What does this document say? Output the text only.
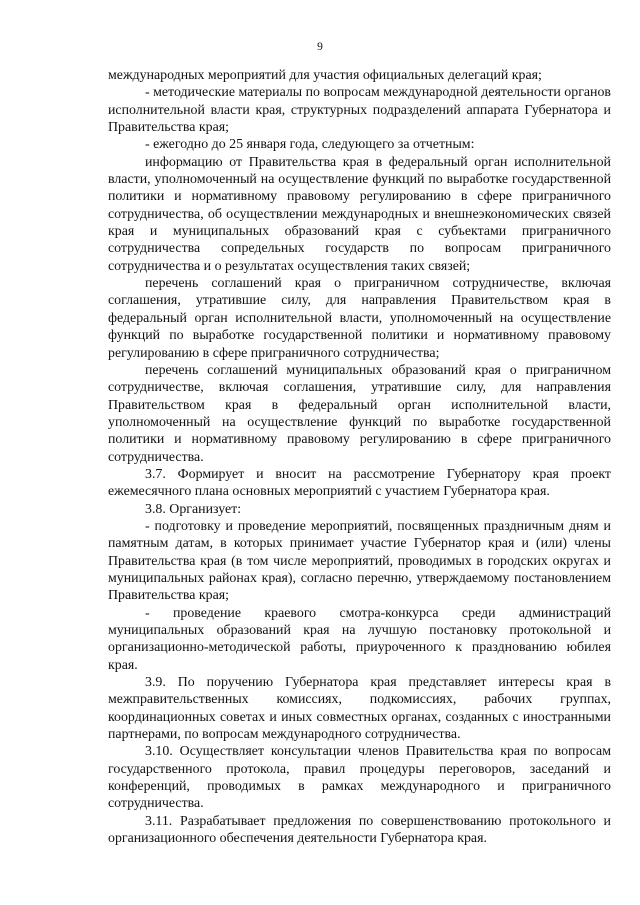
9

международных мероприятий для участия официальных делегаций края;

- методические материалы по вопросам международной деятельности органов исполнительной власти края, структурных подразделений аппарата Губернатора и Правительства края;

- ежегодно до 25 января года, следующего за отчетным:

информацию от Правительства края в федеральный орган исполнительной власти, уполномоченный на осуществление функций по выработке государственной политики и нормативному правовому регулированию в сфере приграничного сотрудничества, об осуществлении международных и внешнеэкономических связей края и муниципальных образований края с субъектами приграничного сотрудничества сопредельных государств по вопросам приграничного сотрудничества и о результатах осуществления таких связей;

перечень соглашений края о приграничном сотрудничестве, включая соглашения, утратившие силу, для направления Правительством края в федеральный орган исполнительной власти, уполномоченный на осуществление функций по выработке государственной политики и нормативному правовому регулированию в сфере приграничного сотрудничества;

перечень соглашений муниципальных образований края о приграничном сотрудничестве, включая соглашения, утратившие силу, для направления Правительством края в федеральный орган исполнительной власти, уполномоченный на осуществление функций по выработке государственной политики и нормативному правовому регулированию в сфере приграничного сотрудничества.

3.7. Формирует и вносит на рассмотрение Губернатору края проект ежемесячного плана основных мероприятий с участием Губернатора края.

3.8. Организует:

- подготовку и проведение мероприятий, посвященных праздничным дням и памятным датам, в которых принимает участие Губернатор края и (или) члены Правительства края (в том числе мероприятий, проводимых в городских округах и муниципальных районах края), согласно перечню, утверждаемому постановлением Правительства края;

- проведение краевого смотра-конкурса среди администраций муниципальных образований края на лучшую постановку протокольной и организационно-методической работы, приуроченного к празднованию юбилея края.

3.9. По поручению Губернатора края представляет интересы края в межправительственных комиссиях, подкомиссиях, рабочих группах, координационных советах и иных совместных органах, созданных с иностранными партнерами, по вопросам международного сотрудничества.

3.10. Осуществляет консультации членов Правительства края по вопросам государственного протокола, правил процедуры переговоров, заседаний и конференций, проводимых в рамках международного и приграничного сотрудничества.

3.11. Разрабатывает предложения по совершенствованию протокольного и организационного обеспечения деятельности Губернатора края.
